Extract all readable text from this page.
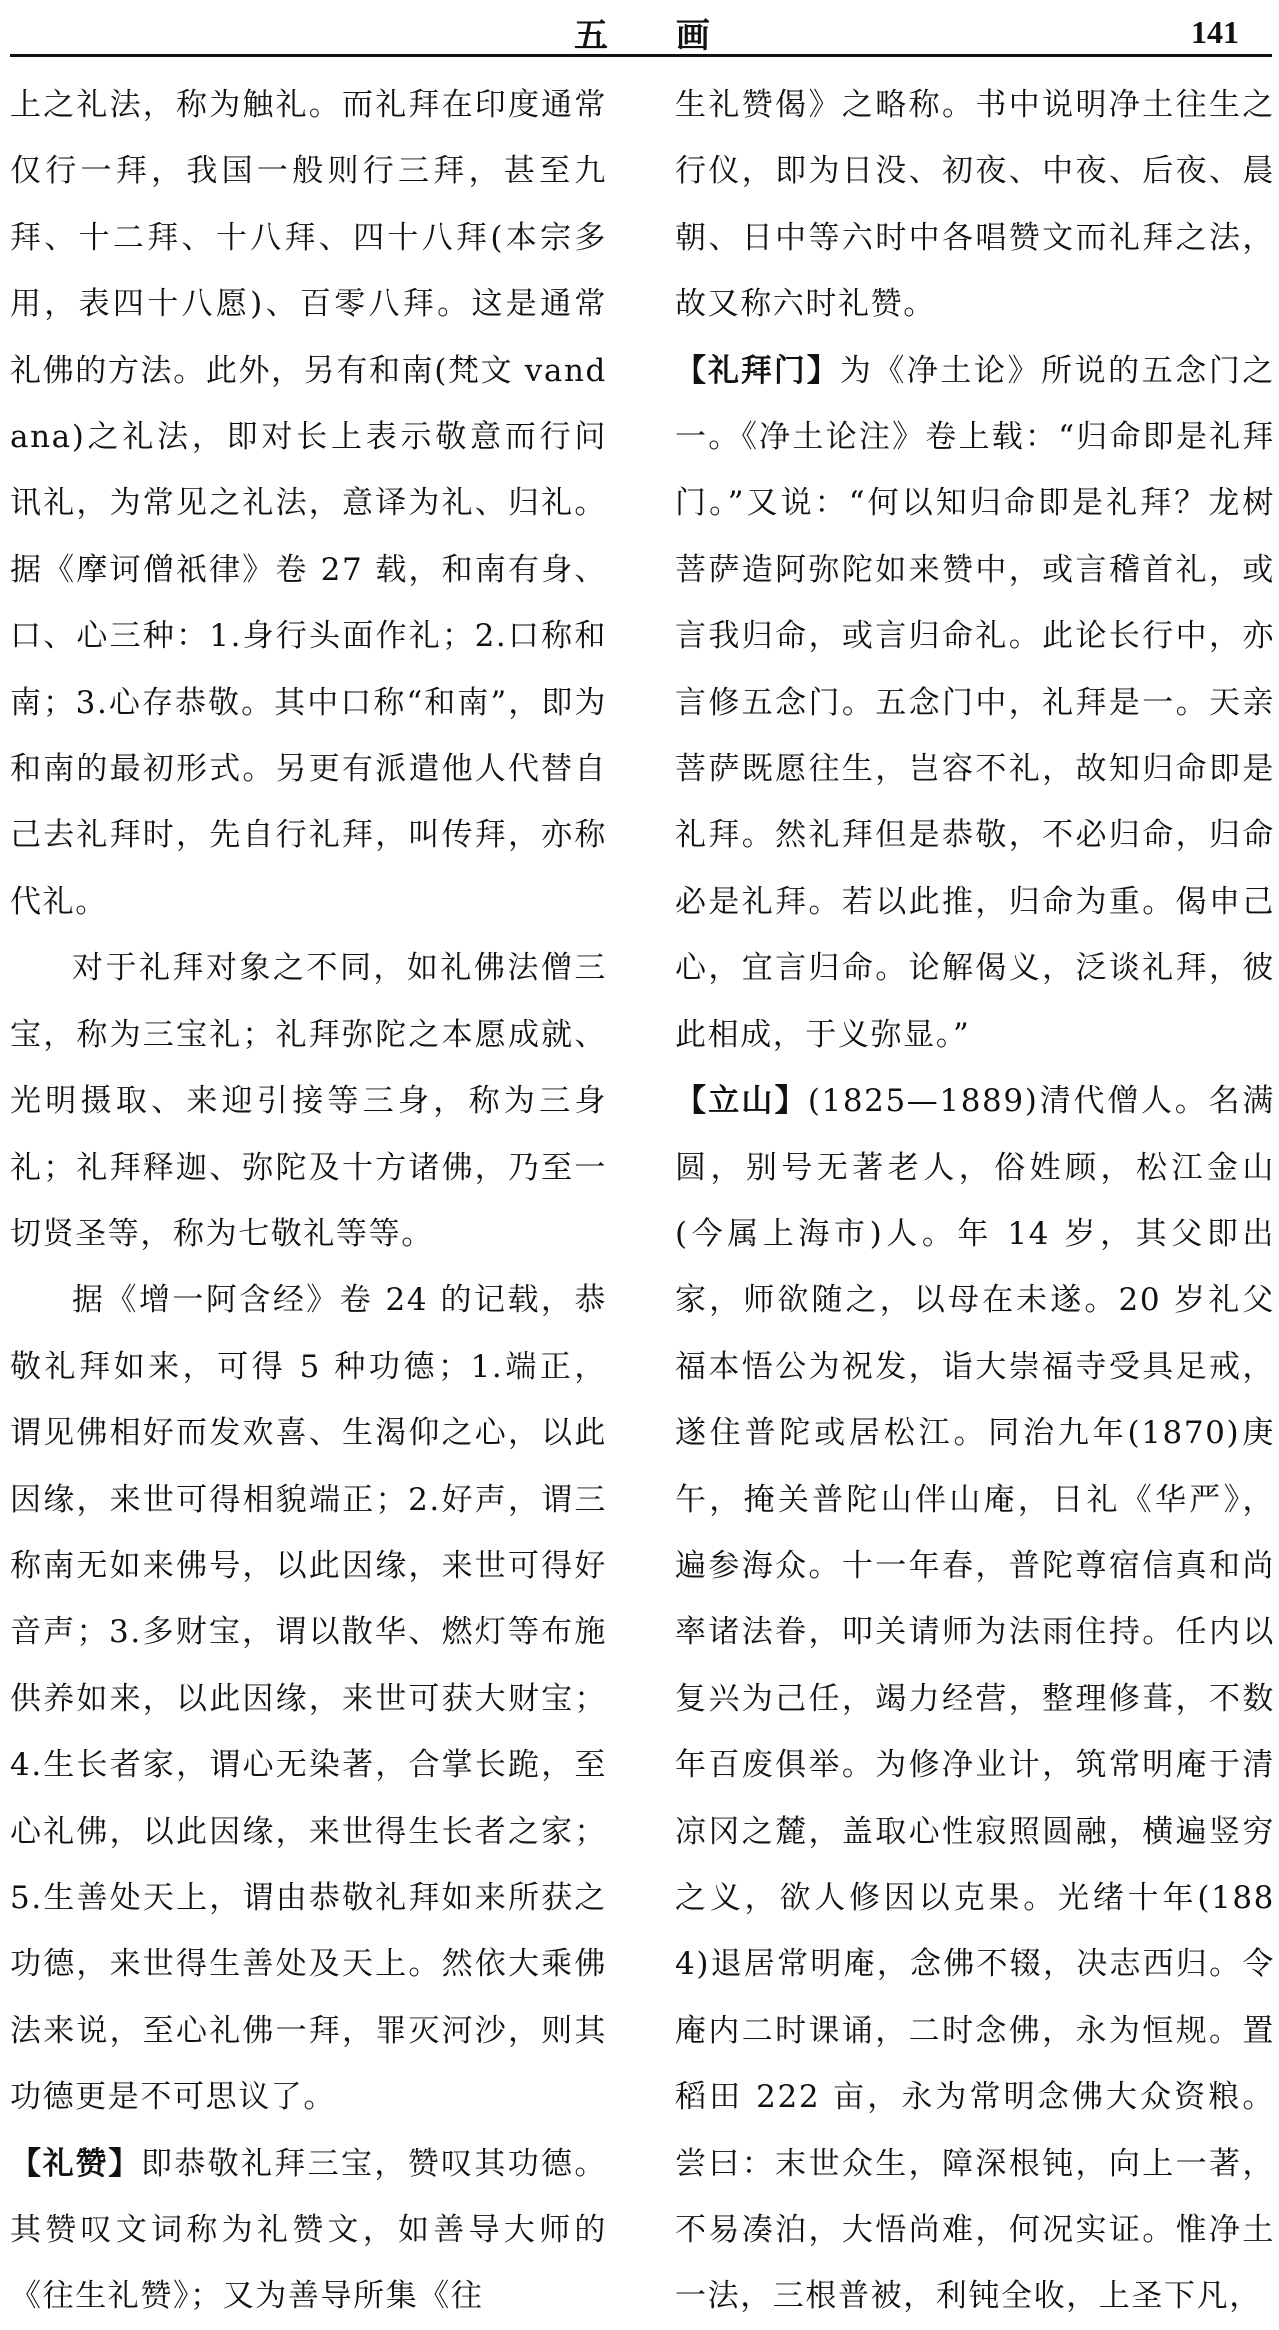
五 画	141

上之礼法，称为触礼。而礼拜在印度通常仅行一拜，我国一般则行三拜，甚至九拜、十二拜、十八拜、四十八拜(本宗多用，表四十八愿)、百零八拜。这是通常礼佛的方法。此外，另有和南(梵文 vandana)之礼法，即对长上表示敬意而行问讯礼，为常见之礼法，意译为礼、归礼。据《摩诃僧祇律》卷 27 载，和南有身、口、心三种：1.身行头面作礼；2.口称和南；3.心存恭敬。其中口称“和南”，即为和南的最初形式。另更有派遣他人代替自己去礼拜时，先自行礼拜，叫传拜，亦称代礼。

对于礼拜对象之不同，如礼佛法僧三宝，称为三宝礼；礼拜弥陀之本愿成就、光明摄取、来迎引接等三身，称为三身礼；礼拜释迦、弥陀及十方诸佛，乃至一切贤圣等，称为七敬礼等等。

据《增一阿含经》卷 24 的记载，恭敬礼拜如来，可得 5 种功德；1.端正，谓见佛相好而发欢喜、生渴仰之心，以此因缘，来世可得相貌端正；2.好声，谓三称南无如来佛号，以此因缘，来世可得好音声；3.多财宝，谓以散华、燃灯等布施供养如来，以此因缘，来世可获大财宝；4.生长者家，谓心无染著，合掌长跪，至心礼佛，以此因缘，来世得生长者之家；5.生善处天上，谓由恭敬礼拜如来所获之功德，来世得生善处及天上。然依大乘佛法来说，至心礼佛一拜，罪灭河沙，则其功德更是不可思议了。

【礼赞】即恭敬礼拜三宝，赞叹其功德。其赞叹文词称为礼赞文，如善导大师的《往生礼赞》；又为善导所集《往

生礼赞偈》之略称。书中说明净土往生之行仪，即为日没、初夜、中夜、后夜、晨朝、日中等六时中各唱赞文而礼拜之法，故又称六时礼赞。

【礼拜门】为《净土论》所说的五念门之一。《净土论注》卷上载：“归命即是礼拜门。”又说：“何以知归命即是礼拜？龙树菩萨造阿弥陀如来赞中，或言稽首礼，或言我归命，或言归命礼。此论长行中，亦言修五念门。五念门中，礼拜是一。天亲菩萨既愿往生，岂容不礼，故知归命即是礼拜。然礼拜但是恭敬，不必归命，归命必是礼拜。若以此推，归命为重。偈申己心，宜言归命。论解偈义，泛谈礼拜，彼此相成，于义弥显。”

【立山】(1825—1889)清代僧人。名满圆，别号无著老人，俗姓顾，松江金山(今属上海市)人。年 14 岁，其父即出家，师欲随之，以母在未遂。20 岁礼父福本悟公为祝发，诣大崇福寺受具足戒，遂住普陀或居松江。同治九年(1870)庚午，掩关普陀山伴山庵，日礼《华严》，遍参海众。十一年春，普陀尊宿信真和尚率诸法眷，叩关请师为法雨住持。任内以复兴为己任，竭力经营，整理修葺，不数年百废俱举。为修净业计，筑常明庵于清凉冈之麓，盖取心性寂照圆融，横遍竖穷之义，欲人修因以克果。光绪十年(1884)退居常明庵，念佛不辍，决志西归。令庵内二时课诵，二时念佛，永为恒规。置稻田 222 亩，永为常明念佛大众资粮。尝曰：末世众生，障深根钝，向上一著，不易凑泊，大悟尚难，何况实证。惟净土一法，三根普被，利钝全收，上圣下凡，
